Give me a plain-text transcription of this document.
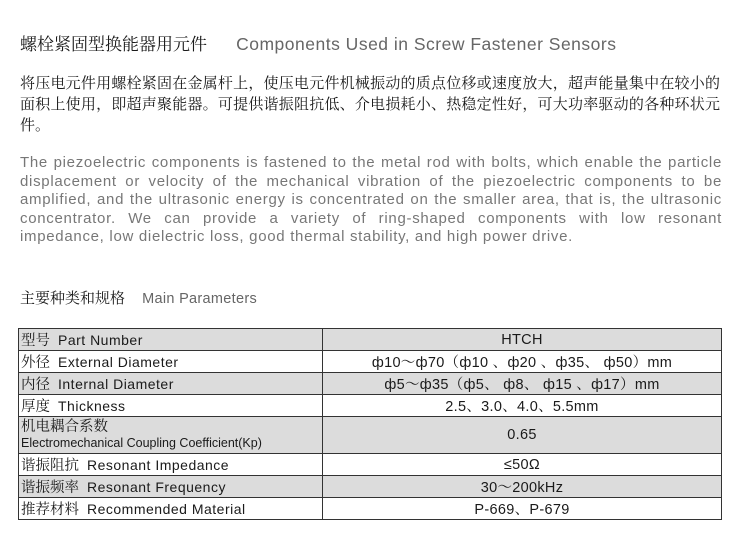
螺栓紧固型换能器用元件 Components Used in Screw Fastener Sensors
将压电元件用螺栓紧固在金属杆上，使压电元件机械振动的质点位移或速度放大，超声能量集中在较小的面积上使用，即超声聚能器。可提供谐振阻抗低、介电损耗小、热稳定性好，可大功率驱动的各种环状元件。
The piezoelectric components is fastened to the metal rod with bolts, which enable the particle displacement or velocity of the mechanical vibration of the piezoelectric components to be amplified, and the ultrasonic energy is concentrated on the smaller area, that is, the ultrasonic concentrator. We can provide a variety of ring-shaped components with low resonant impedance, low dielectric loss, good thermal stability, and high power drive.
主要种类和规格 Main Parameters
型号 Part Number	HTCH
外径 External Diameter	ф10～ф70（ф10 、ф20 、ф35、 ф50）mm
内径 Internal Diameter	ф5～ф35（ф5、 ф8、 ф15 、ф17）mm
厚度 Thickness	2.5、3.0、4.0、5.5mm

机电耦合系数
Electromechanical Coupling Coefficient(Kp)	0.65
谐振阻抗 Resonant Impedance	≤50Ω
谐振频率 Resonant Frequency	30～200kHz
推荐材料 Recommended Material	P-669、P-679
